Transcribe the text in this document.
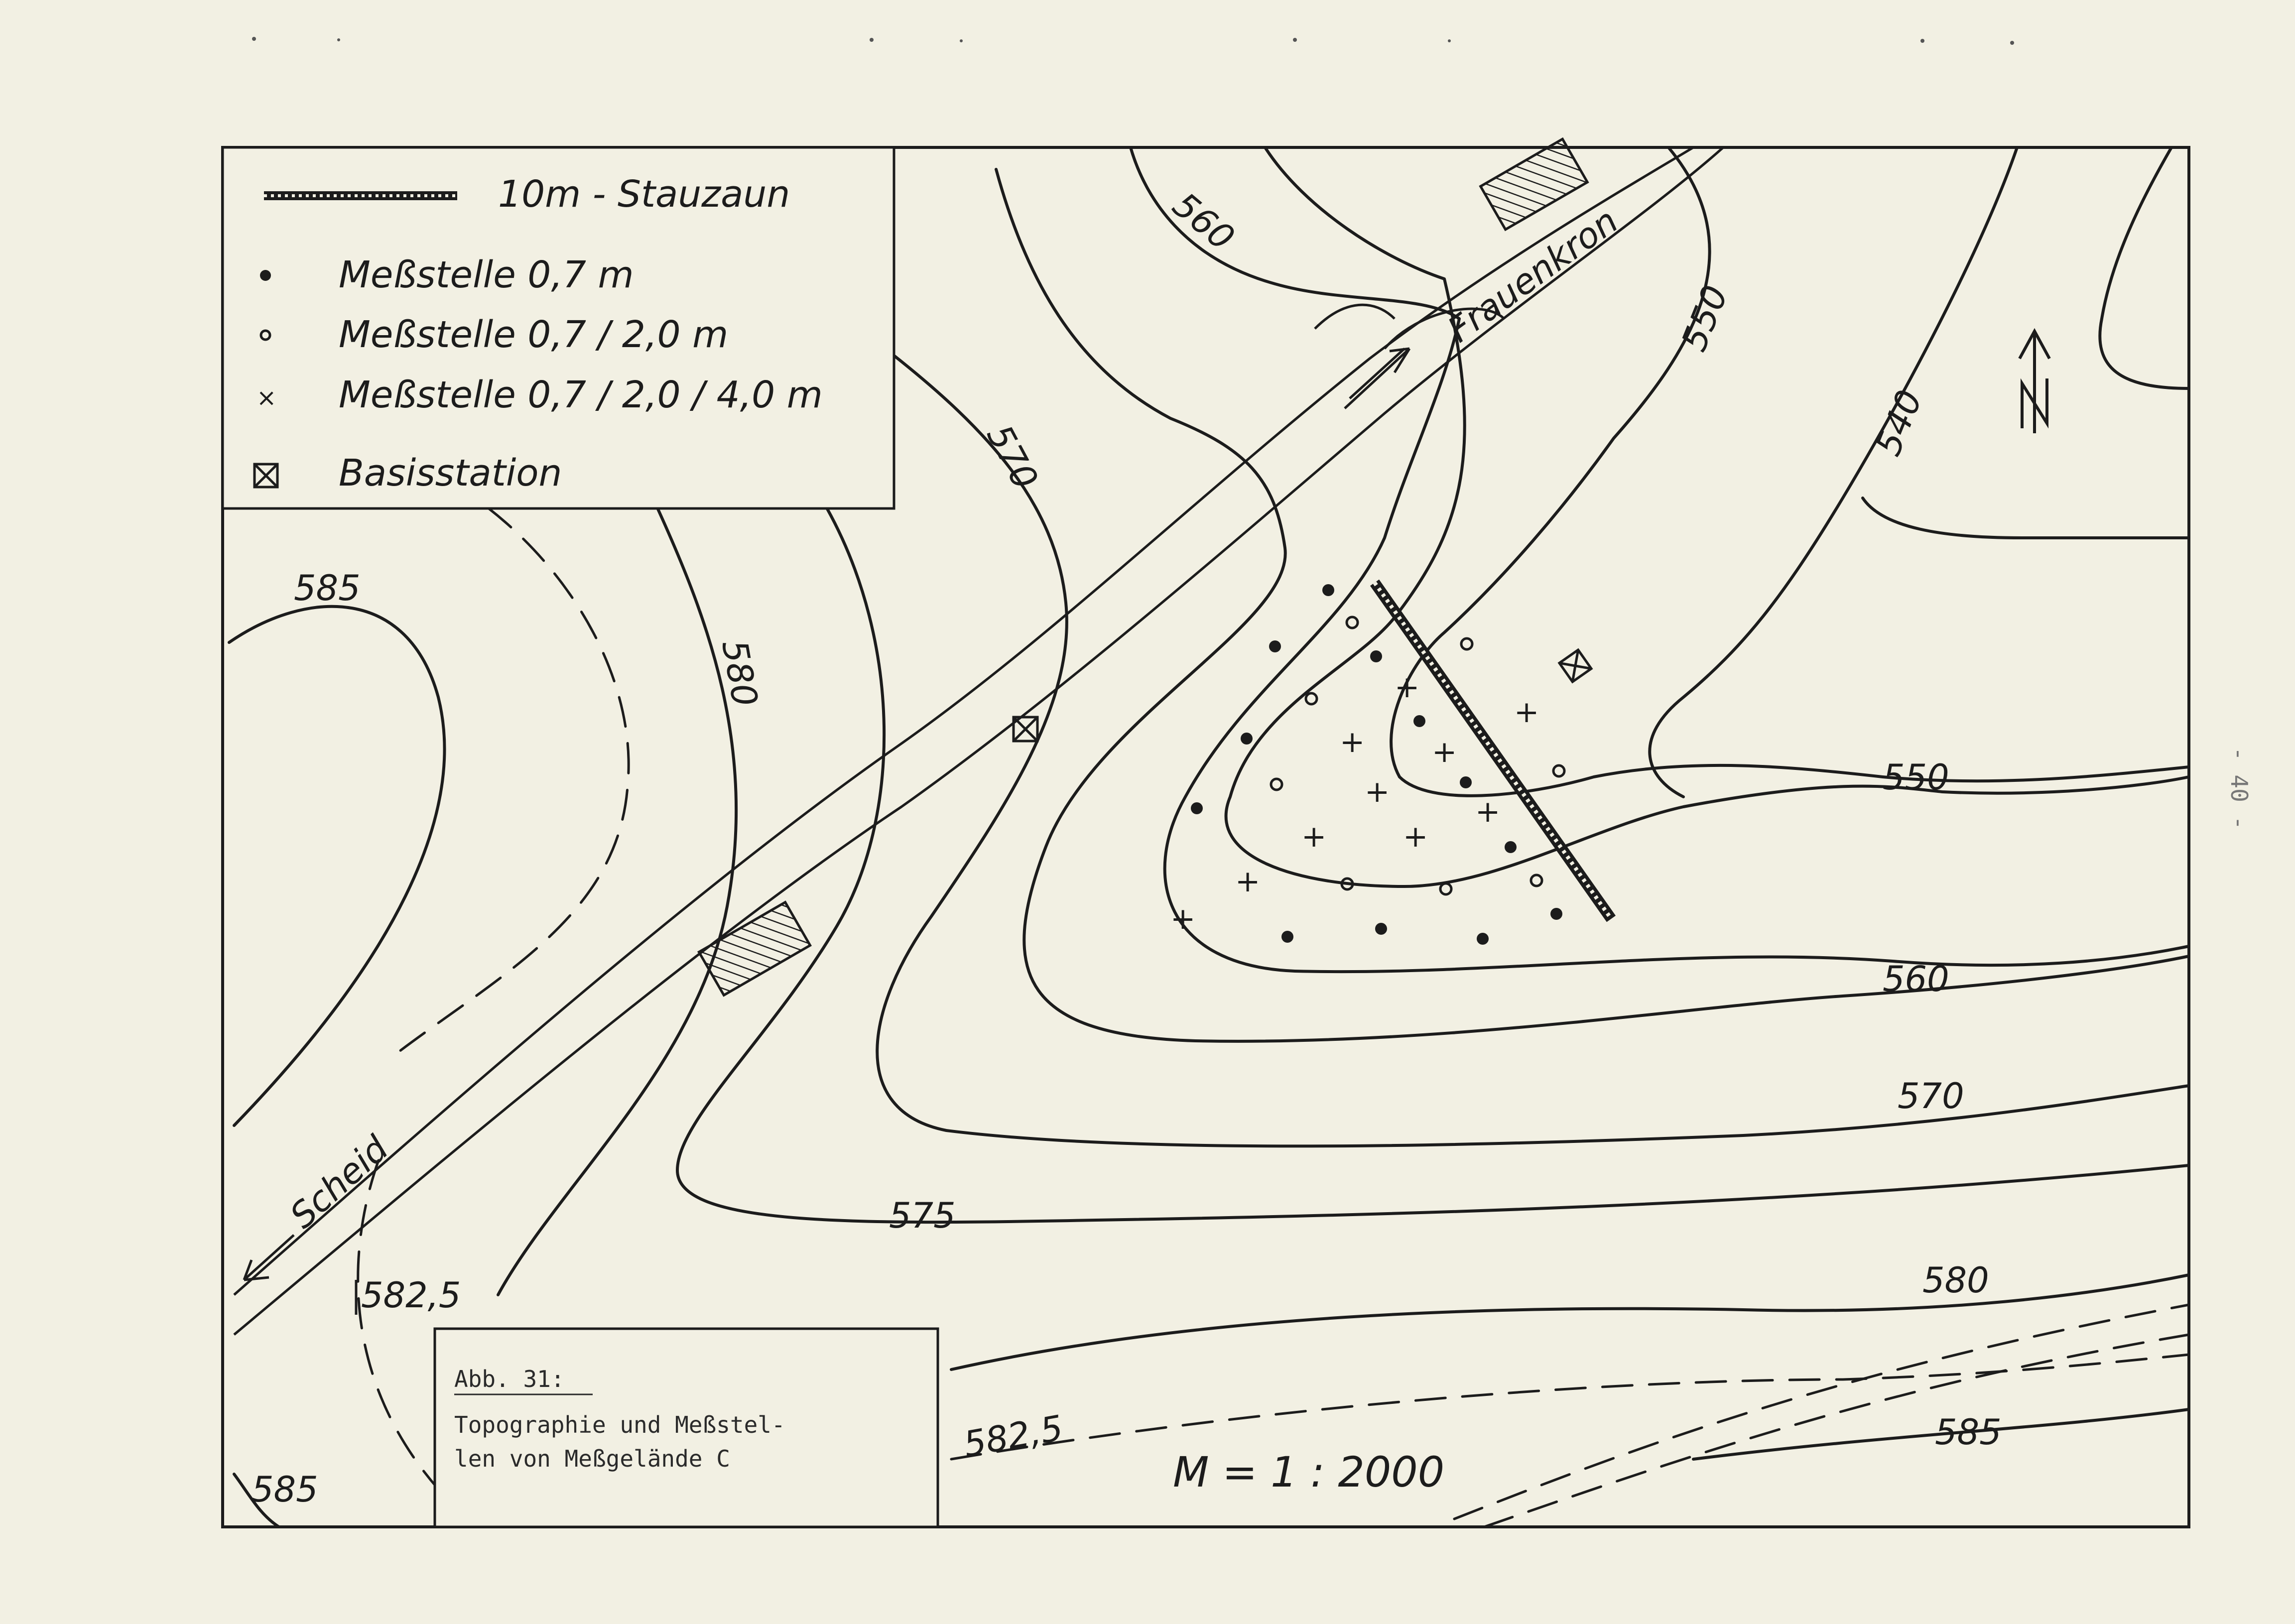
+
+
+ +
+
+
+	+
+
+
585
580
570
560
550
540
550
560
570
575
580
582,5
582,5	585
585
Frauenkron
Scheid
10m - Stauzaun
Meßstelle 0,7 m
Meßstelle 0,7 / 2,0 m
× Meßstelle 0,7 / 2,0 / 4,0 m
Basisstation
Abb. 31:
Topographie und Meßstel-
len von Meßgelände C	M = 1 : 2000
- 40 -
